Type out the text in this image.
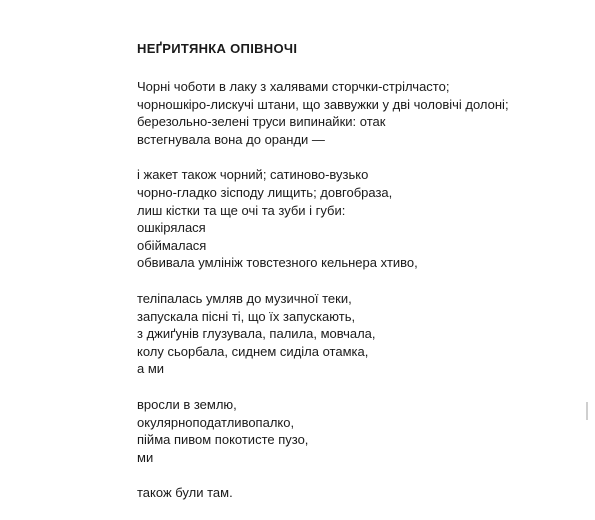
НЕҐРИТЯНКА ОПІВНОЧІ
Чорні чоботи в лаку з халявами сторчки-стрілчасто;
чорношкіро-лискучі штани, що заввужки у дві чоловічі долоні;
березольно-зелені труси випинайки: отак
встегнувала вона до оранди —
і жакет також чорний; сатиново-вузько
чорно-гладко зісподу лищить; довгобраза,
лиш кістки та ще очі та зуби і губи:
ошкірялася
обіймалася
обвивала умлініж товстезного кельнера хтиво,
теліпалась умляв до музичної теки,
запускала пісні ті, що їх запускають,
з джиґунів глузувала, палила, мовчала,
колу сьорбала, сиднем сиділа отамка,
а ми
вросли в землю,
окулярноподатливопалко,
пійма пивом покотисте пузо,
ми
також були там.
